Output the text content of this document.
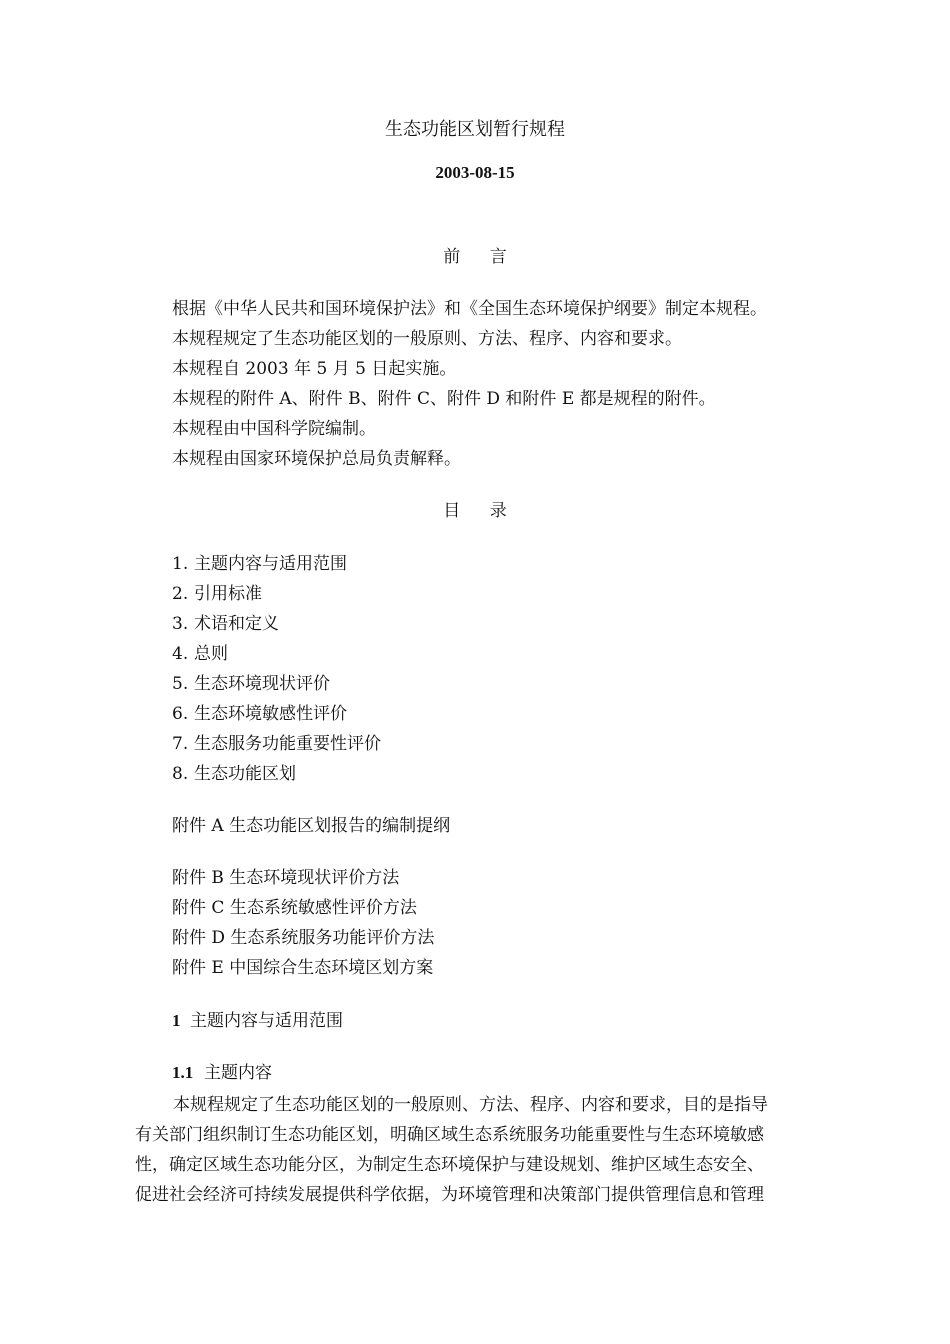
生态功能区划暂行规程
2003-08-15
前 言
根据《中华人民共和国环境保护法》和《全国生态环境保护纲要》制定本规程。
本规程规定了生态功能区划的一般原则、方法、程序、内容和要求。
本规程自 2003 年 5 月 5 日起实施。
本规程的附件 A、附件 B、附件 C、附件 D 和附件 E 都是规程的附件。
本规程由中国科学院编制。
本规程由国家环境保护总局负责解释。
目 录
1. 主题内容与适用范围
2. 引用标准
3. 术语和定义
4. 总则
5. 生态环境现状评价
6. 生态环境敏感性评价
7. 生态服务功能重要性评价
8. 生态功能区划
附件 A 生态功能区划报告的编制提纲
附件 B 生态环境现状评价方法
附件 C 生态系统敏感性评价方法
附件 D 生态系统服务功能评价方法
附件 E 中国综合生态环境区划方案
1 主题内容与适用范围
1.1 主题内容
本规程规定了生态功能区划的一般原则、方法、程序、内容和要求，目的是指导
有关部门组织制订生态功能区划，明确区域生态系统服务功能重要性与生态环境敏感
性，确定区域生态功能分区，为制定生态环境保护与建设规划、维护区域生态安全、
促进社会经济可持续发展提供科学依据，为环境管理和决策部门提供管理信息和管理
